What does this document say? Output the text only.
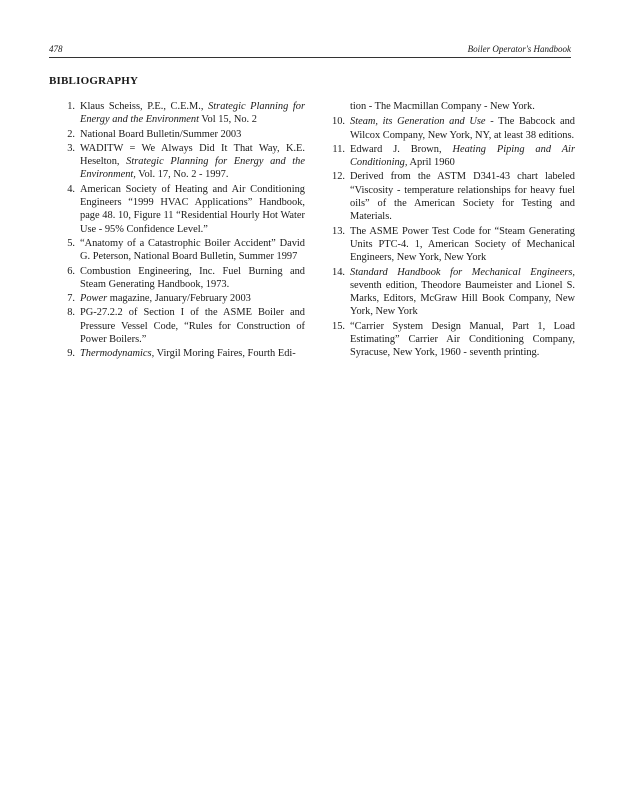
478	Boiler Operator's Handbook
BIBLIOGRAPHY
1. Klaus Scheiss, P.E., C.E.M., Strategic Planning for Energy and the Environment Vol 15, No. 2
2. National Board Bulletin/Summer 2003
3. WADITW = We Always Did It That Way, K.E. Heselton, Strategic Planning for Energy and the Environment, Vol. 17, No. 2 - 1997.
4. American Society of Heating and Air Conditioning Engineers “1999 HVAC Applications” Handbook, page 48. 10, Figure 11 “Residential Hourly Hot Water Use - 95% Confidence Level.”
5. “Anatomy of a Catastrophic Boiler Accident” David G. Peterson, National Board Bulletin, Summer 1997
6. Combustion Engineering, Inc. Fuel Burning and Steam Generating Handbook, 1973.
7. Power magazine, January/February 2003
8. PG-27.2.2 of Section I of the ASME Boiler and Pressure Vessel Code, “Rules for Construction of Power Boilers.”
9. Thermodynamics, Virgil Moring Faires, Fourth Edi-
tion - The Macmillan Company - New York.
10. Steam, its Generation and Use - The Babcock and Wilcox Company, New York, NY, at least 38 editions.
11. Edward J. Brown, Heating Piping and Air Conditioning, April 1960
12. Derived from the ASTM D341-43 chart labeled “Viscosity - temperature relationships for heavy fuel oils” of the American Society for Testing and Materials.
13. The ASME Power Test Code for “Steam Generating Units PTC-4. 1, American Society of Mechanical Engineers, New York, New York
14. Standard Handbook for Mechanical Engineers, seventh edition, Theodore Baumeister and Lionel S. Marks, Editors, McGraw Hill Book Company, New York, New York
15. “Carrier System Design Manual, Part 1, Load Estimating” Carrier Air Conditioning Company, Syracuse, New York, 1960 - seventh printing.
